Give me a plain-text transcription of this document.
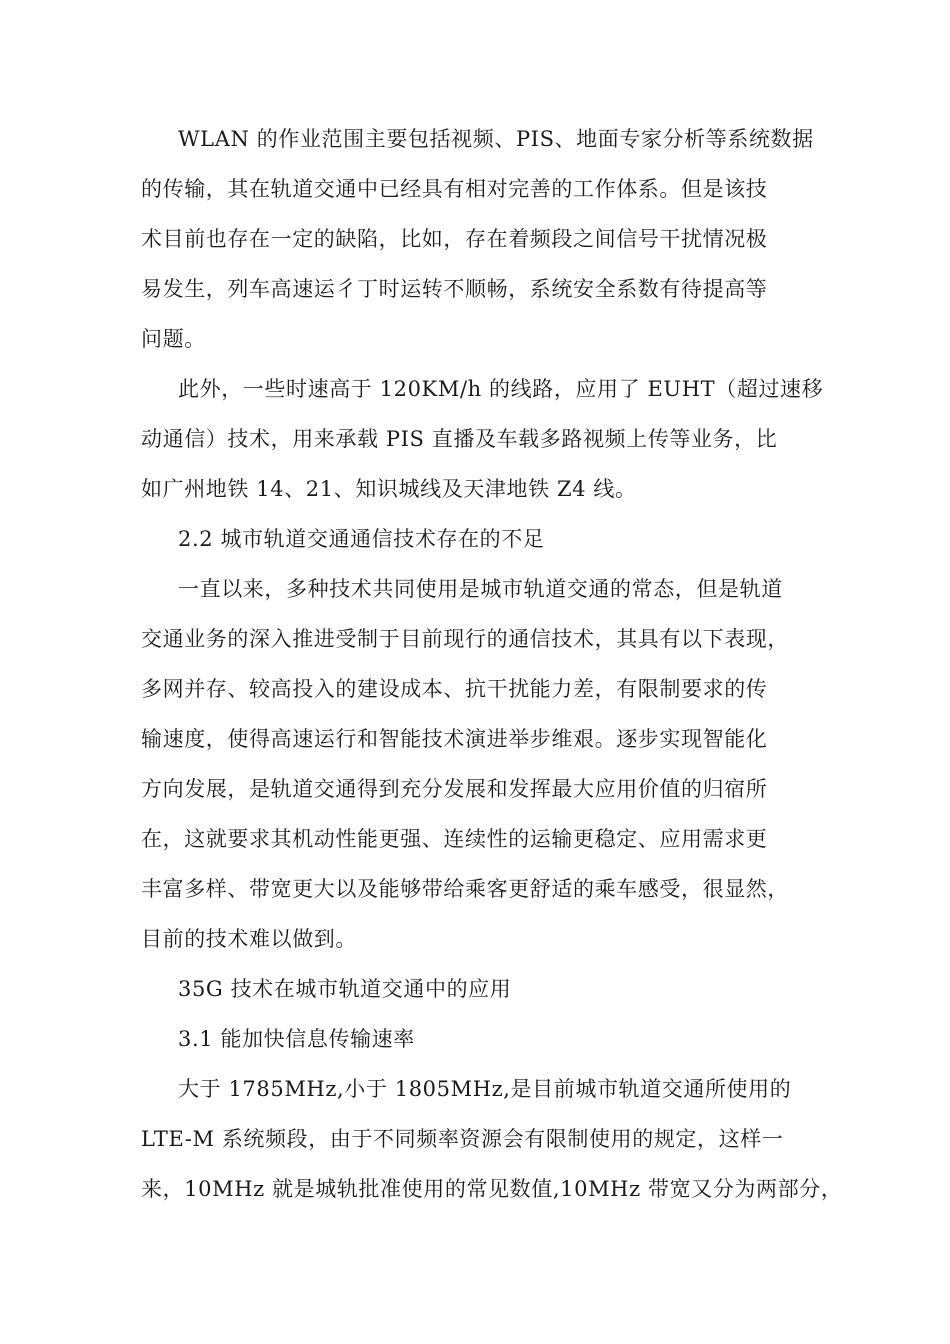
WLAN 的作业范围主要包括视频、PIS、地面专家分析等系统数据
的传输，其在轨道交通中已经具有相对完善的工作体系。但是该技
术目前也存在一定的缺陷，比如，存在着频段之间信号干扰情况极
易发生，列车高速运彳丁时运转不顺畅，系统安全系数有待提高等
问题。
此外，一些时速高于 120KM/h 的线路，应用了 EUHT（超过速移
动通信）技术，用来承载 PIS 直播及车载多路视频上传等业务，比
如广州地铁 14、21、知识城线及天津地铁 Z4 线。
2.2 城市轨道交通通信技术存在的不足
一直以来，多种技术共同使用是城市轨道交通的常态，但是轨道
交通业务的深入推进受制于目前现行的通信技术，其具有以下表现，
多网并存、较高投入的建设成本、抗干扰能力差，有限制要求的传
输速度，使得高速运行和智能技术演进举步维艰。逐步实现智能化
方向发展，是轨道交通得到充分发展和发挥最大应用价值的归宿所
在，这就要求其机动性能更强、连续性的运输更稳定、应用需求更
丰富多样、带宽更大以及能够带给乘客更舒适的乘车感受，很显然，
目前的技术难以做到。
35G 技术在城市轨道交通中的应用
3.1 能加快信息传输速率
大于 1785MHz,小于 1805MHz,是目前城市轨道交通所使用的
LTE-M 系统频段，由于不同频率资源会有限制使用的规定，这样一
来，10MHz 就是城轨批准使用的常见数值,10MHz 带宽又分为两部分，
